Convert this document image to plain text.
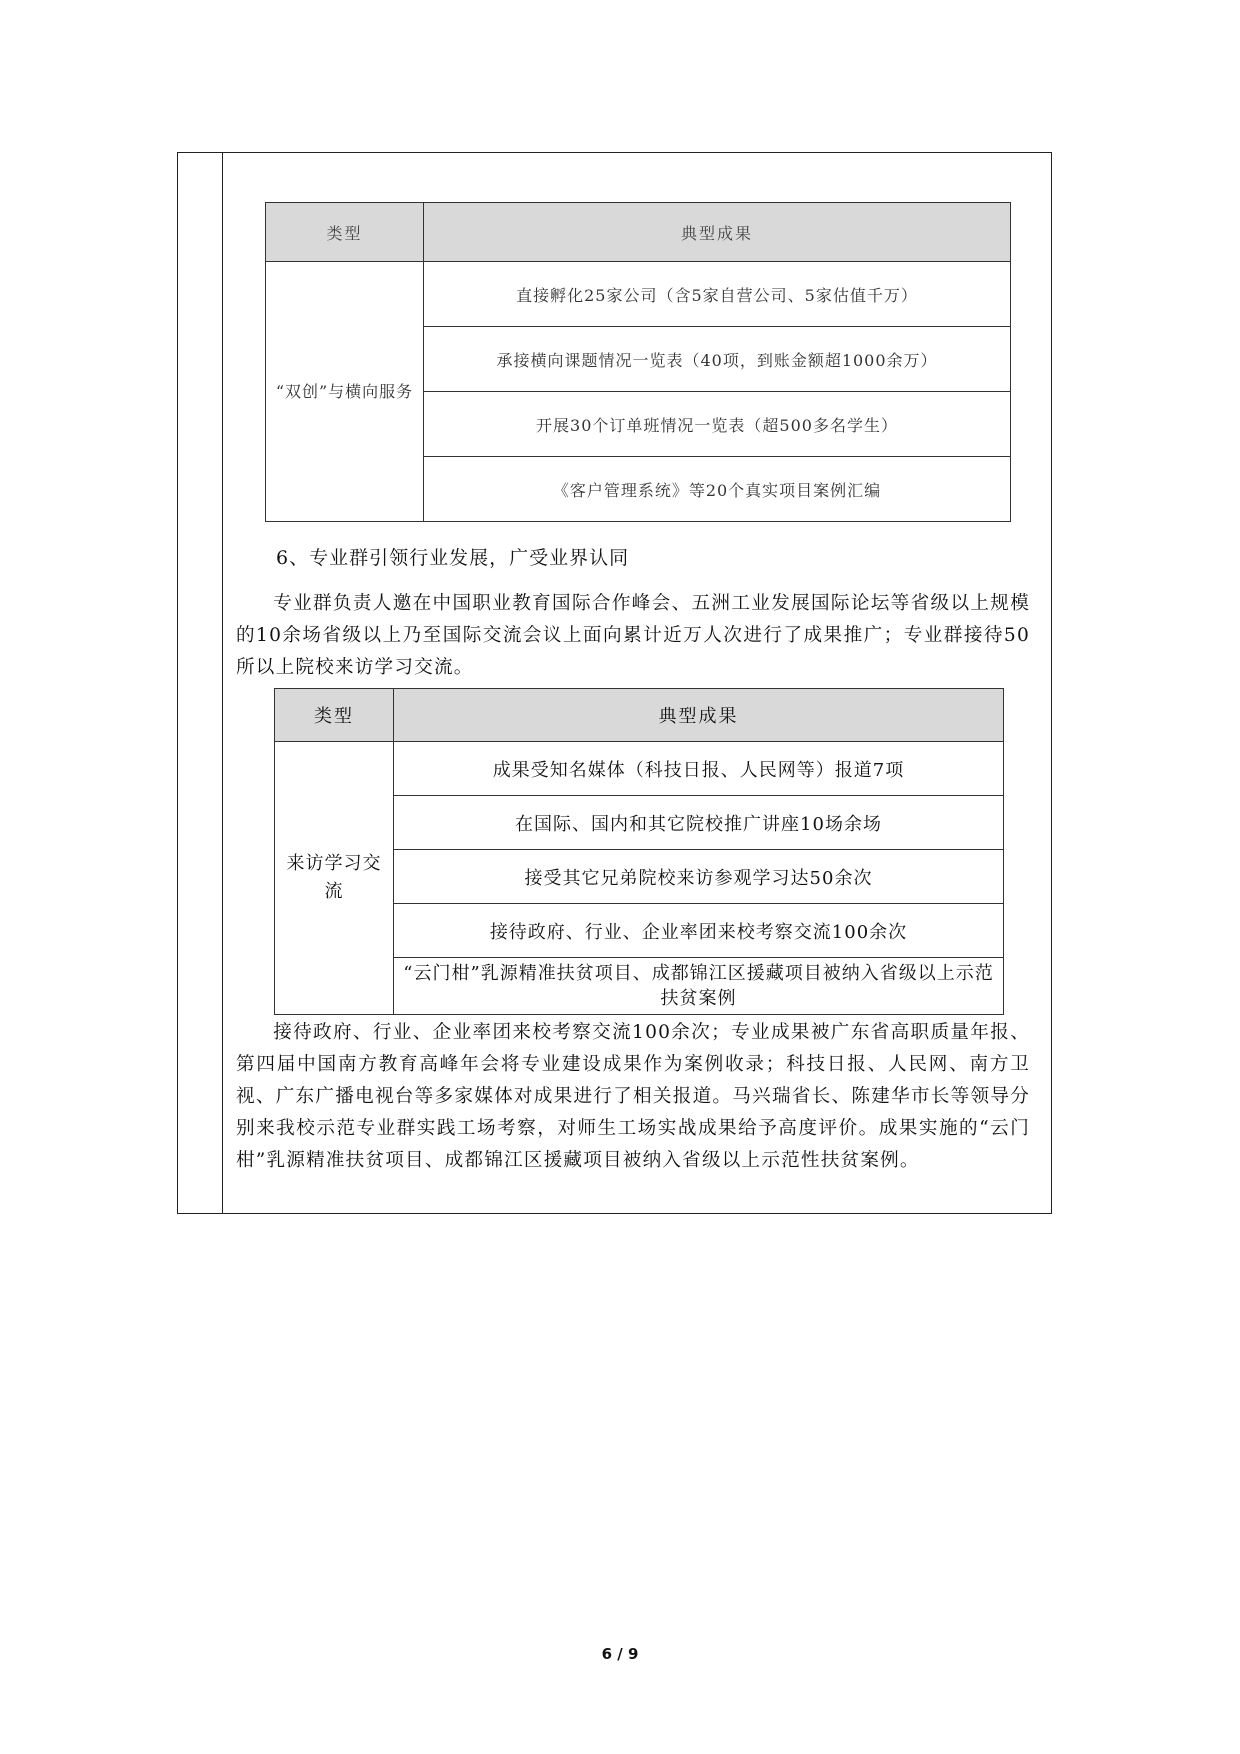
类型	典型成果
“双创”与横向服务	直接孵化25家公司（含5家自营公司、5家估值千万）
	承接横向课题情况一览表（40项，到账金额超1000余万）
	开展30个订单班情况一览表（超500多名学生）
	《客户管理系统》等20个真实项目案例汇编
6、专业群引领行业发展，广受业界认同

专业群负责人邀在中国职业教育国际合作峰会、五洲工业发展国际论坛等省级以上规模的10余场省级以上乃至国际交流会议上面向累计近万人次进行了成果推广；专业群接待50所以上院校来访学习交流。

类型	典型成果
来访学习交流	成果受知名媒体（科技日报、人民网等）报道7项
	在国际、国内和其它院校推广讲座10场余场
	接受其它兄弟院校来访参观学习达50余次
	接待政府、行业、企业率团来校考察交流100余次
	“云门柑”乳源精准扶贫项目、成都锦江区援藏项目被纳入省级以上示范扶贫案例

接待政府、行业、企业率团来校考察交流100余次；专业成果被广东省高职质量年报、第四届中国南方教育高峰年会将专业建设成果作为案例收录；科技日报、人民网、南方卫视、广东广播电视台等多家媒体对成果进行了相关报道。马兴瑞省长、陈建华市长等领导分别来我校示范专业群实践工场考察，对师生工场实战成果给予高度评价。成果实施的“云门柑”乳源精准扶贫项目、成都锦江区援藏项目被纳入省级以上示范性扶贫案例。

6 / 9
